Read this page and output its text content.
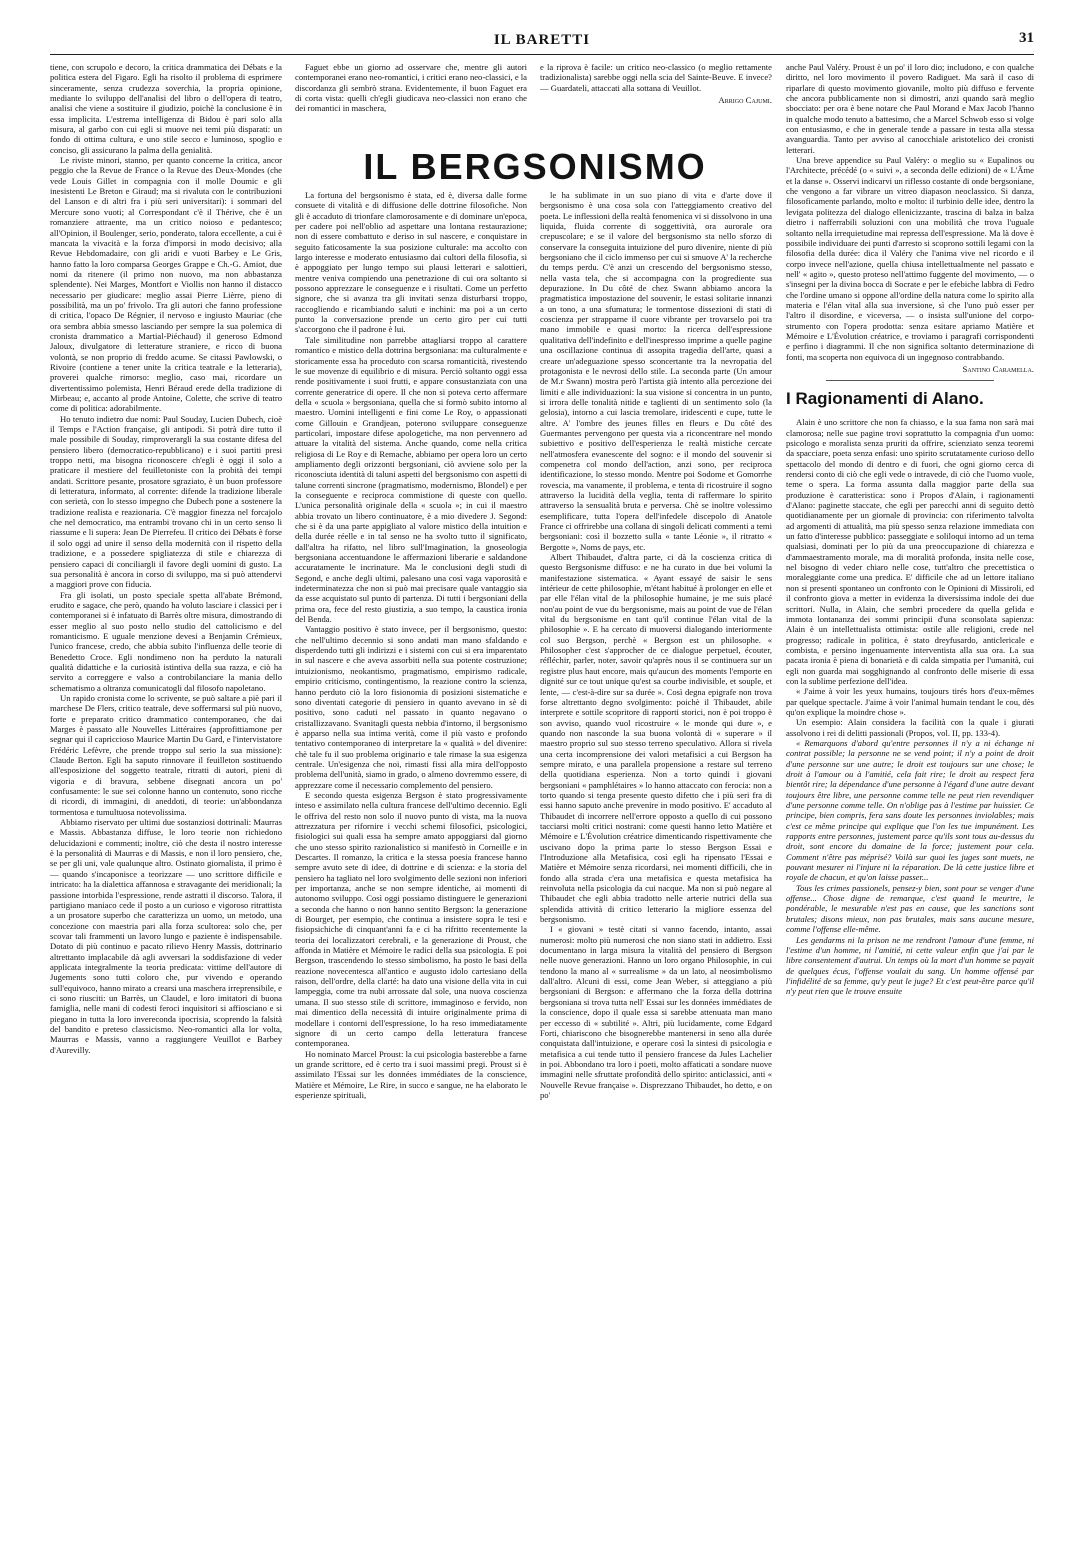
IL BARETTI	31

tiene, con scrupolo e decoro, la critica drammatica dei Débats e la politica estera del Figaro. Egli ha risolto il problema di esprimere sinceramente, senza crudezza soverchia, la propria opinione, mediante lo sviluppo dell'analisi del libro o dell'opera di teatro, analisi che viene a sostituire il giudizio, poichè la conclusione è in essa implicita. L'estrema intelligenza di Bidou è pari solo alla misura, al garbo con cui egli si muove nei temi più disparati: un fondo di ottima cultura, e uno stile secco e luminoso, spoglio e conciso, gli assicurano la palma della genialità.

Le riviste minori, stanno, per quanto concerne la critica, ancor peggio che la Revue de France o la Revue des Deux-Mondes (che vede Louis Gillet in compagnia con il molle Doumic e gli inesistenti Le Breton e Giraud; ma si rivaluta con le contribuzioni del Lanson e di altri fra i più seri universitari): i sommari del Mercure sono vuoti; al Correspondant c'è il Thérive, che è un romanziere attraente, ma un critico noioso e pedantesco; all'Opinion, il Boulenger, serio, ponderato, talora eccellente, a cui è mancata la vivacità e la forza d'imporsi in modo decisivo; alla Revue Hebdomadaire, con gli aridi e vuoti Barbey e Le Gris, hanno fatto la loro comparsa Georges Grappe e Ch.-G. Amiot, due nomi da ritenere (il primo non nuovo, ma non abbastanza splendente). Nei Marges, Montfort e Viollis non hanno il distacco necessario per giudicare: meglio assai Pierre Lièrre, pieno di possibilità, ma un po' frivolo. Tra gli autori che fanno professione di critica, l'opaco De Régnier, il nervoso e ingiusto Mauriac (che ora sembra abbia smesso lasciando per sempre la sua polemica di cronista drammatico a Martial-Piéchaud) il generoso Edmond Jaloux, divulgatore di letterature straniere, e ricco di buona volontà, se non proprio di freddo acume. Se citassi Pawlowski, o Rivoire (contiene a tener unite la critica teatrale e la letteraria), proverei qualche rimorso: meglio, caso mai, ricordare un divertentissimo polemista, Henri Béraud erede della tradizione di Mirbeau; e, accanto al prode Antoine, Colette, che scrive di teatro come di politica: adorabilmente.

Ho tenuto indietro due nomi: Paul Souday, Lucien Dubech, cioè il Temps e l'Action française, gli antipodi. Si potrà dire tutto il male possibile di Souday, rimproverargli la sua costante difesa del pensiero libero (democratico-repubblicano) e i suoi partiti presi troppo netti, ma bisogna riconoscere ch'egli è oggi il solo a praticare il mestiere del feuilletoniste con la probità dei tempi andati. Scrittore pesante, prosatore sgraziato, è un buon professore di letteratura, informato, al corrente: difende la tradizione liberale con serietà, con lo stesso impegno che Dubech pone a sostenere la tradizione realista e reazionaria. C'è maggior finezza nel forcajolo che nel democratico, ma entrambi trovano chi in un certo senso li riassume e li supera: Jean De Pierrefeu. Il critico dei Débats è forse il solo oggi ad unire il senso della modernità con il rispetto della tradizione, e a possedere spigliatezza di stile e chiarezza di pensiero capaci di conciliargli il favore degli uomini di gusto. La sua personalità è ancora in corso di sviluppo, ma si può attendervi a maggiori prove con fiducia.

Fra gli isolati, un posto speciale spetta all'abate Brémond, erudito e sagace, che però, quando ha voluto lasciare i classici per i contemporanei si è infatuato di Barrès oltre misura, dimostrando di esser meglio al suo posto nello studio del cattolicismo e del romanticismo. E uguale menzione devesi a Benjamin Crémieux, l'unico francese, credo, che abbia subito l'influenza delle teorie di Benedetto Croce. Egli nondimeno non ha perduto la naturali qualità didattiche e la curiosità istintiva della sua razza, e ciò ha servito a correggere e valso a controbilanciare la mania dello schematismo a oltranza comunicatogli dal filosofo napoletano.

Un rapido cronista come lo scrivente, se può saltare a piè pari il marchese De Flers, critico teatrale, deve soffermarsi sul più nuovo, forte e preparato critico drammatico contemporaneo, che dai Marges è passato alle Nouvelles Littéraires (approfittiamone per segnar qui il capriccioso Maurice Martin Du Gard, e l'intervistatore Frédéric Lefèvre, che prende troppo sul serio la sua missione): Claude Berton. Egli ha saputo rinnovare il feuilleton sostituendo all'esposizione del soggetto teatrale, ritratti di autori, pieni di vigoria e di bravura, sebbene disegnati ancora un po' confusamente: le sue sei colonne hanno un contenuto, sono ricche di ricordi, di immagini, di aneddoti, di teorie: un'abbondanza tormentosa e tumultuosa notevolissima.

Abbiamo riservato per ultimi due sostanziosi dottrinali: Maurras e Massis. Abbastanza diffuse, le loro teorie non richiedono delucidazioni e commenti; inoltre, ciò che desta il nostro interesse è la personalità di Maurras e di Massis, e non il loro pensiero, che, se per gli uni, vale qualunque altro. Ostinato giornalista, il primo è — quando s'incaponisce a teorizzare — uno scrittore difficile e intricato: ha la dialettica affannosa e stravagante dei meridionali; la passione intorbida l'espressione, rende astratti il discorso. Talora, il partigiano maniaco cede il posto a un curioso e vigoroso ritrattista a un prosatore superbo che caratterizza un uomo, un metodo, una concezione con maestria pari alla forza scultorea: solo che, per scovar tali frammenti un lavoro lungo e paziente è indispensabile. Dotato di più continuo e pacato rilievo Henry Massis, dottrinario altrettanto implacabile dà agli avversari la soddisfazione di veder applicata integralmente la teoria predicata: vittime dell'autore di Jugements sono tutti coloro che, pur vivendo e operando sull'equivoco, hanno mirato a crearsi una maschera irreprensibile, e ci sono riusciti: un Barrès, un Claudel, e loro imitatori di buona famiglia, nelle mani di codesti feroci inquisitori si affiosciano e si piegano in tutta la loro invereconda ipocrisia, scoprendo la falsità del bandito e preteso classicismo. Neo-romantici alla lor volta, Maurras e Massis, vanno a raggiungere Veuillot e Barbey d'Aurevilly.

Faguet ebbe un giorno ad osservare che, mentre gli autori contemporanei erano neo-romantici, i critici erano neo-classici, e la discordanza gli sembrò strana. Evidentemente, il buon Faguet era di corta vista: quelli ch'egli giudicava neo-classici non erano che dei romantici in maschera,

e la riprova è facile: un critico neo-classico (o meglio rettamente tradizionalista) sarebbe oggi nella scia del Sainte-Beuve. E invece? — Guardateli, attaccati alla sottana di Veuillot.

Arrigo Cajumi.
IL BERGSONISMO

La fortuna del bergsonismo è stata, ed è, diversa dalle forme consuete di vitalità e di diffusione delle dottrine filosofiche. Non gli è accaduto di trionfare clamorosamente e di dominare un'epoca, per cadere poi nell'oblio ad aspettare una lontana restaurazione; non di essere combattuto e deriso in sul nascere, e conquistare in seguito faticosamente la sua posizione culturale: ma accolto con largo interesse e moderato entusiasmo dai cultori della filosofia, si è appoggiato per lungo tempo sui plausi letterari e salottieri, mentre veniva compiendo una penetrazione di cui ora soltanto si possono apprezzare le conseguenze e i risultati. Come un perfetto signore, che si avanza tra gli invitati senza disturbarsi troppo, raccogliendo e ricambiando saluti e inchini: ma poi a un certo punto la conversazione prende un certo giro per cui tutti s'accorgono che il padrone è lui.

Tale similitudine non parrebbe attagliarsi troppo al carattere romantico e mistico della dottrina bergsoniana: ma culturalmente e storicamente essa ha proceduto con scarsa romanticità, rivestendo le sue movenze di equilibrio e di misura. Perciò soltanto oggi essa rende positivamente i suoi frutti, e appare consustanziata con una corrente generatrice di opere. Il che non si poteva certo affermare della « scuola » bergsoniana, quella che si formò subito intorno al maestro. Uomini intelligenti e fini come Le Roy, o appassionati come Gillouin e Grandjean, poterono sviluppare conseguenze particolari, impostare difese apologetiche, ma non pervennero ad attuare la vitalità del sistema. Anche quando, come nella critica religiosa di Le Roy e di Remache, abbiamo per opera loro un certo ampliamento degli orizzonti bergsoniani, ciò avviene solo per la riconosciuta identità di taluni aspetti del bergsonismo con aspetti di talune correnti sincrone (pragmatismo, modernismo, Blondel) e per la conseguente e reciproca commistione di queste con quello. L'unica personalità originale della « scuola »; in cui il maestro abbia trovato un libero continuatore, è a mio divedere J. Segond: che si è da una parte appigliato al valore mistico della intuition e della durée réelle e in tal senso ne ha svolto tutto il significato, dall'altra ha rifatto, nel libro sull'Imagination, la gnoseologia bergsoniana accentuandone le affermazioni liberarie e saldandone accuratamente le incrinature. Ma le conclusioni degli studi di Segond, e anche degli ultimi, palesano una così vaga vaporosità e indeterminatezza che non si può mai precisare quale vantaggio sia da esse acquistato sul punto di partenza. Di tutti i bergsoniani della prima ora, fece del resto giustizia, a suo tempo, la caustica ironia del Benda.

Vantaggio positivo è stato invece, per il bergsonismo, questo: che nell'ultimo decennio si sono andati man mano sfaldando e disperdendo tutti gli indirizzi e i sistemi con cui si era imparentato in sul nascere e che aveva assorbiti nella sua potente costruzione; intuizionismo, neokantismo, pragmatismo, empirismo radicale, empirio criticismo, contingentismo, la reazione contro la scienza, hanno perduto ciò la loro fisionomia di posizioni sistematiche e sono diventati categorie di pensiero in quanto avevano in sè di positivo, sono caduti nel passato in quanto negavano o cristallizzavano. Svanitagli questa nebbia d'intorno, il bergsonismo è apparso nella sua intima verità, come il più vasto e profondo tentativo contemporaneo di interpretare la « qualità » del divenire: chè tale fu il suo problema originario e tale rimase la sua esigenza centrale. Un'esigenza che noi, rimasti fissi alla mira dell'opposto problema dell'unità, siamo in grado, o almeno dovremmo essere, di apprezzare come il necessario complemento del pensiero.

E secondo questa esigenza Bergson è stato progressivamente inteso e assimilato nella cultura francese dell'ultimo decennio. Egli le offriva del resto non solo il nuovo punto di vista, ma la nuova attrezzatura per rifornire i vecchi schemi filosofici, psicologici, fisiologici sui quali essa ha sempre amato appoggiarsi dal giorno che uno stesso spirito razionalistico si manifestò in Corneille e in Descartes. Il romanzo, la critica e la stessa poesia francese hanno sempre avuto sete di idee, di dottrine e di scienza: e la storia del pensiero ha tagliato nel loro svolgimento delle sezioni non inferiori per importanza, anche se non sempre identiche, ai momenti di autonomo sviluppo. Così oggi possiamo distinguere le generazioni a seconda che hanno o non hanno sentito Bergson: la generazione di Bourget, per esempio, che continua a insistere sopra le tesi e fisiopsichiche di cinquant'anni fa e ci ha rifritto recentemente la teoria dei localizzatori cerebrali, e la generazione di Proust, che affonda in Matière et Mémoire le radici della sua psicologia. E poi Bergson, trascendendo lo stesso simbolismo, ha posto le basi della reazione novecentesca all'antico e augusto idolo cartesiano della raison, dell'ordre, della clarté: ha dato una visione della vita in cui lampeggia, come tra nubi arrossate dal sole, una nuova coscienza umana. Il suo stesso stile di scrittore, immaginoso e fervido, non mai dimentico della necessità di intuire originalmente prima di modellare i contorni dell'espressione, lo ha reso immediatamente signore di un certo campo della letteratura francese contemporanea.

Ho nominato Marcel Proust: la cui psicologia basterebbe a farne un grande scrittore, ed è certo tra i suoi massimi pregi. Proust si è assimilato l'Essai sur les données immédiates de la conscience, Matière et Mémoire, Le Rire, in succo e sangue, ne ha elaborato le esperienze spirituali,

le ha sublimate in un suo piano di vita e d'arte dove il bergsonismo è una cosa sola con l'atteggiamento creativo del poeta. Le inflessioni della realtà fenomenica vi si dissolvono in una liquida, fluida corrente di soggettività, ora aurorale ora crepuscolare; e se il valore del bergsonismo sta nello sforzo di conservare la conseguita intuizione del puro divenire, niente di più bergsoniano che il ciclo immenso per cui si smuove A' la recherche du temps perdu. C'è anzi un crescendo del bergsonismo stesso, nella vasta tela, che si accompagna con la progrediente sua depurazione. In Du côté de chez Swann abbiamo ancora la pragmatistica impostazione del souvenir, le estasi solitarie innanzi a un tono, a una sfumatura; le tormentose dissezioni di stati di coscienza per strapparne il cuore vibrante per trovarselo poi tra mano immobile e quasi morto: la ricerca dell'espressione qualitativa dell'indefinito e dell'inespresso imprime a quelle pagine una oscillazione continua di assopita tragedia dell'arte, quasi a creare un'adeguazione spesso sconcertante tra la nevropatia del protagonista e le nevrosi dello stile. La seconda parte (Un amour de M.r Swann) mostra però l'artista già intento alla percezione dei limiti e alle individuazioni: la sua visione si concentra in un punto, si irrora delle tonalità nitide e taglienti di un sentimento solo (la gelosia), intorno a cui lascia tremolare, iridescenti e cupe, tutte le altre. A' l'ombre des jeunes filles en fleurs e Du côté des Guermantes pervengono per questa via a riconcentrare nel mondo subiettivo e positivo dell'esperienza le realtà mistiche cercate nell'atmosfera evanescente del sogno: e il mondo del souvenir si compenetra col mondo dell'action, anzi sono, per reciproca identificazione, lo stesso mondo. Mentre poi Sodome et Gomorrhe rovescia, ma vanamente, il problema, e tenta di ricostruire il sogno attraverso la lucidità della veglia, tenta di raffermare lo spirito attraverso la sensualità bruta e perversa. Chè se inoltre volessimo esemplificare, tutta l'opera dell'infedele discepolo di Anatole France ci offrirebbe una collana di singoli delicati commenti a temi bergsoniani: così il bozzetto sulla « tante Léonie », il ritratto « Bergotte », Noms de pays, etc.

Albert Thibaudet, d'altra parte, ci dà la coscienza critica di questo Bergsonisme diffuso: e ne ha curato in due bei volumi la manifestazione sistematica. « Ayant essayé de saisir le sens intérieur de cette philosophie, m'étant habitué à prolonger en elle et par elle l'élan vital de la philosophie humaine, je me suis placé non'au point de vue du bergsonisme, mais au point de vue de l'élan vital du bergsonisme en tant qu'il continue l'élan vital de la philosophie ». E ha cercato di muoversi dialogando interiormente col suo Bergson, perchè « Bergson est un philosophe. « Philosopher c'est s'approcher de ce dialogue perpetuel, écouter, réfléchir, parler, noter, savoir qu'après nous il se continuera sur un registre plus haut encore, mais qu'aucun des moments l'emporte en dignité sur ce tout unique qu'est sa courbe indivisible, et souple, et lente, — c'est-à-dire sur sa durée ». Così degna epigrafe non trova forse altrettanto degno svolgimento: poichè il Thibaudet, abile interprete e sottile scopritore di rapporti storici, non è poi troppo è son avviso, quando vuol ricostruire « le monde qui dure », e quando non nasconde la sua buona volontà di « superare » il maestro proprio sul suo stesso terreno speculativo. Allora si rivela una certa incomprensione dei valori metafisici a cui Bergson ha sempre mirato, e una parallela propensione a restare sul terreno della quotidiana esperienza. Non a torto quindi i giovani bergsoniani « pamphlétaires » lo hanno attaccato con ferocia: non a torto quando si tenga presente questo difetto che i più seri fra di essi hanno saputo anche prevenire in modo positivo. E' accaduto al Thibaudet di incorrere nell'errore opposto a quello di cui possono tacciarsi molti critici nostrani: come questi hanno letto Matière et Mémoire e L'Évolution créatrice dimenticando rispettivamente che uscivano dopo la prima parte lo stesso Bergson Essai e l'Introduzione alla Metafisica, così egli ha ripensato l'Essai e Matière et Mémoire senza ricordarsi, nei momenti difficili, che in fondo alla strada c'era una metafisica e questa metafisica ha reinvoluta nella psicologia da cui nacque. Ma non si può negare al Thibaudet che egli abbia tradotto nelle arterie nutrici della sua splendida attività di critico letterario la migliore essenza del bergsonismo.

I « giovani » testè citati si vanno facendo, intanto, assai numerosi: molto più numerosi che non siano stati in addietro. Essi documentano in larga misura la vitalità del pensiero di Bergson nelle nuove generazioni. Hanno un loro organo Philosophie, in cui tendono la mano al « surrealisme » da un lato, al neosimbolismo dall'altro. Alcuni di essi, come Jean Weber, si atteggiano a più bergsoniani di Bergson: e affermano che la forza della dottrina bergsoniana si trova tutta nell' Essai sur les données immédiates de la conscience, dopo il quale essa si sarebbe attenuata man mano per eccesso di « subtilité ». Altri, più lucidamente, come Edgard Forti, chiariscono che bisognerebbe mantenersi in seno alla durée conquistata dall'intuizione, e operare così la sintesi di psicologia e metafisica a cui tende tutto il pensiero francese da Jules Lachelier in poi. Abbondano tra loro i poeti, molto affaticati a sondare nuove immagini nelle sfruttate profondità dello spirito: anticlassici, anti « Nouvelle Revue française ». Disprezzano Thibaudet, ho detto, e on po'

anche Paul Valéry. Proust è un po' il loro dio; includono, e con qualche diritto, nel loro movimento il povero Radiguet. Ma sarà il caso di riparlare di questo movimento giovanile, molto più diffuso e fervente che ancora pubblicamente non si dimostri, anzi quando sarà meglio sbocciato: per ora è bene notare che Paul Morand e Max Jacob l'hanno in qualche modo tenuto a battesimo, che a Marcel Schwob esso si volge con entusiasmo, e che in generale tende a passare in testa alla stessa avanguardia. Tanto per avviso al canocchiale aristotelico dei cronisti letterari.

Una breve appendice su Paul Valéry: o meglio su « Eupalinos ou l'Architecte, précédé (o « suivi », a seconda delle edizioni) de « L'Âme et la danse ». Osservi indicarvi un riflesso costante di onde bergsoniane, che vengono a far vibrare un vitreo diapason neoclassico. Si danza, filosoficamente parlando, molto e molto: il turbinio delle idee, dentro la levigata politezza del dialogo ellenicizzante, trascina di balza in balza dietro i nafferrabili soluzioni con una mobilità che trova l'uguale soltanto nella irrequietudine mai repressa dell'espressione. Ma là dove è possibile individuare dei punti d'arresto si scoprono sottili legami con la filosofia della durée: dica il Valéry che l'anima vive nel ricordo e il corpo invece nell'azione, quella chiusa intellettualmente nel passato e nell' « agito », questo proteso nell'attimo fuggente del movimento, — o s'insegni per la divina bocca di Socrate e per le efebiche labbra di Fedro che l'ordine umano si oppone all'ordine della natura come lo spirito alla materia e l'élan vital alla sua inversione, sì che l'uno può esser per l'altro il disordine, e viceversa, — o insista sull'unione del corpo-strumento con l'opera prodotta: senza esitare apriamo Matière et Mémoire e L'Évolution créatrice, e troviamo i paragrafi corrispondenti e perfino i diagrammi. Il che non significa soltanto determinazione di fonti, ma scoperta non equivoca di un ingegnoso contrabbando.

Santino Caramella.
I Ragionamenti di Alano.

Alain è uno scrittore che non fa chiasso, e la sua fama non sarà mai clamorosa; nelle sue pagine trovi soprattutto la compagnia d'un uomo: psicologo e moralista senza pruriti da offrire, scienziato senza teoremi da spacciare, poeta senza enfasi: uno spirito scrutatamente curioso dello spettacolo del mondo di dentro e di fuori, che ogni giorno cerca di rendersi conto di ciò che egli vede o intravede, di ciò che l'uomo vuole, teme o spera. La forma assunta dalla maggior parte della sua produzione è caratteristica: sono i Propos d'Alain, i ragionamenti d'Alano: paginette staccate, che egli per parecchi anni di seguito dettò quotidianamente per un giornale di provincia: con riferimento talvolta ad argomenti di attualità, ma più spesso senza relazione immediata con un fatto d'interesse pubblico: passeggiate e soliloqui intorno ad un tema qualsiasi, dominati per lo più da una preoccupazione di chiarezza e d'ammaestramento morale, ma di moralità profonda, insita nelle cose, nel bisogno di veder chiaro nelle cose, tutt'altro che precettistica o moraleggiante come una predica. E' difficile che ad un lettore italiano non si presenti spontaneo un confronto con le Opinioni di Missiroli, ed il confronto giova a metter in evidenza la diversissima indole dei due scrittori. Nulla, in Alain, che sembri procedere da quella gelida e immota lontananza dei sommi principii d'una sconsolata sapienza: Alain è un intellettualista ottimista: ostile alle religioni, crede nel progresso; radicale in politica, è stato dreyfusardo, anticlericale e combista, e persino ingenuamente interventista alla sua ora. La sua pacata ironia è piena di bonarietà e di calda simpatia per l'umanità, cui egli non guarda mai sogghignando al confronto delle miserie di essa con la sublime perfezione dell'idea.

« J'aime à voir les yeux humains, toujours tirés hors d'eux-mêmes par quelque spectacle. J'aime à voir l'animal humain tendant le cou, dès qu'on explique la moindre chose ».

Un esempio: Alain considera la facilità con la quale i giurati assolvono i rei di delitti passionali (Propos, vol. II, pp. 133-4).

« Remarquons d'abord qu'entre personnes il n'y a ni échange ni contrat possible; la personne ne se vend point; il n'y a point de droit d'une personne sur une autre; le droit est toujours sur une chose; le droit à l'amour ou à l'amitié, cela fait rire; le droit au respect fera bientôt rire; la dépendance d'une personne à l'égard d'une autre devant toujours être libre, une personne comme telle ne peut rien revendiquer d'une personne comme telle. On n'oblige pas à l'estime par huissier. Ce principe, bien compris, fera sans doute les personnes inviolables; mais c'est ce même principe qui explique que l'on les tue impunément. Les rapports entre personnes, justement parce qu'ils sont tous au-dessus du droit, sont encore du domaine de la force; justement pour cela. Comment n'être pas méprisé? Voilà sur quoi les juges sont muets, ne pouvant mesurer ni l'injure ni la réparation. De là cette justice libre et royale de chacun, et qu'on laisse passer...

Tous les crimes passionels, pensez-y bien, sont pour se venger d'une offense... Chose digne de remarque, c'est quand le meurtre, le pondérable, le mesurable n'est pas en cause, que les sanctions sont brutales; disons mieux, non pas brutales, mais sans aucune mesure, comme l'offense elle-même.

Les gendarms ni la prison ne me rendront l'amour d'une femme, ni l'estime d'un homme, ni l'amitié, ni cette valeur enfin que j'ai par le libre consentement d'autrui. Un temps où la mort d'un homme se payait de quelques écus, l'offense voulait du sang. Un homme offensé par l'infidélité de sa femme, qu'y peut le juge? Et c'est peut-être parce qu'il n'y peut rien que le trouve ensuite
